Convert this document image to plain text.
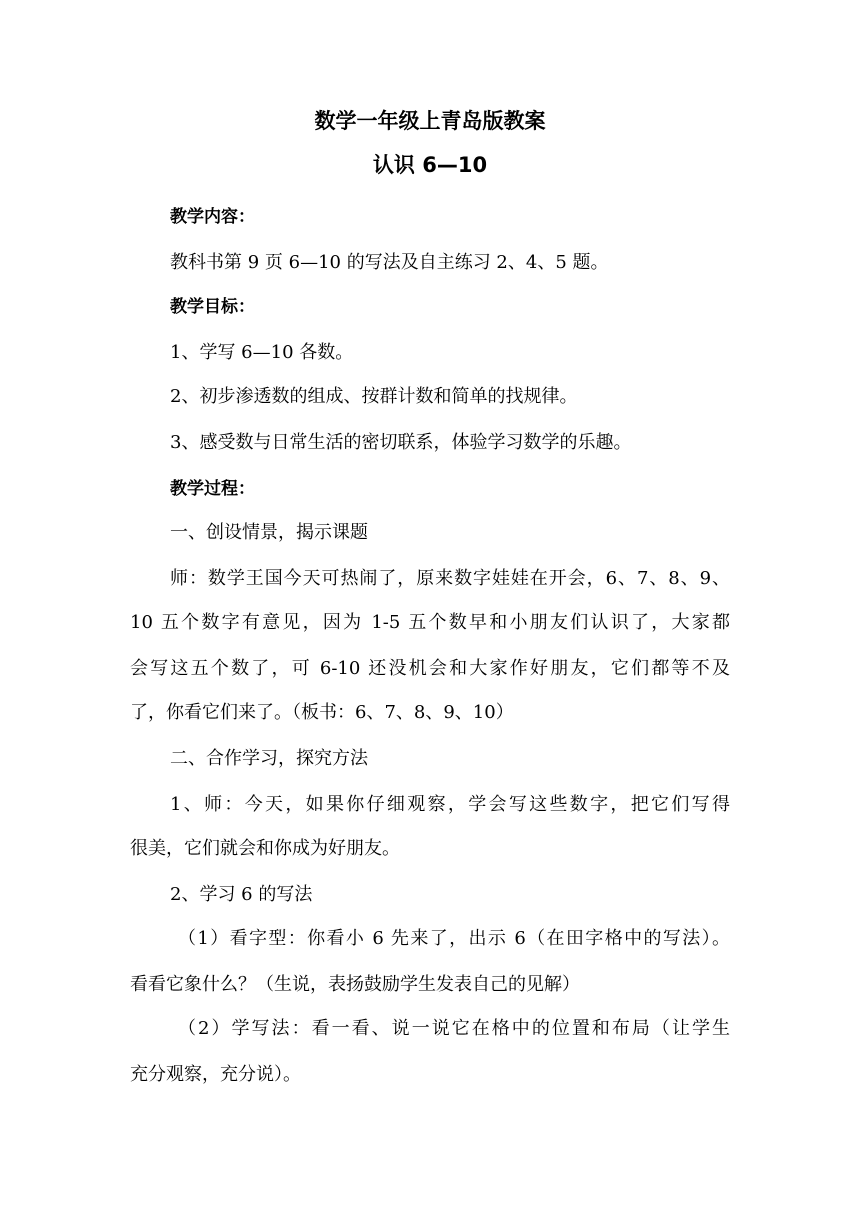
数学一年级上青岛版教案
认识 6—10
教学内容：
教科书第 9 页 6—10 的写法及自主练习 2、4、5 题。
教学目标：
1、学写 6—10 各数。
2、初步渗透数的组成、按群计数和简单的找规律。
3、感受数与日常生活的密切联系，体验学习数学的乐趣。
教学过程：
一、创设情景，揭示课题
师：数学王国今天可热闹了，原来数字娃娃在开会，6、7、8、9、
10 五个数字有意见，因为 1-5 五个数早和小朋友们认识了，大家都
会写这五个数了，可 6-10 还没机会和大家作好朋友，它们都等不及
了，你看它们来了。（板书：6、7、8、9、10）
二、合作学习，探究方法
1、师：今天，如果你仔细观察，学会写这些数字，把它们写得
很美，它们就会和你成为好朋友。
2、学习 6 的写法
（1）看字型：你看小 6 先来了，出示 6（在田字格中的写法）。
看看它象什么？（生说，表扬鼓励学生发表自己的见解）
（2）学写法：看一看、说一说它在格中的位置和布局（让学生
充分观察，充分说）。
